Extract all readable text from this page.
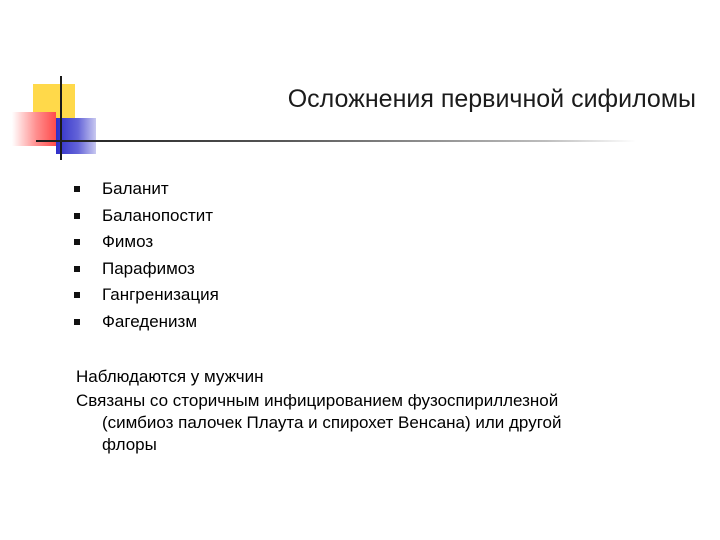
Осложнения первичной сифиломы
Баланит
Баланопостит
Фимоз
Парафимоз
Гангренизация
Фагеденизм
Наблюдаются у мужчин
Связаны со сторичным инфицированием фузоспириллезной
(симбиоз палочек Плаута и спирохет Венсана) или другой
флоры
